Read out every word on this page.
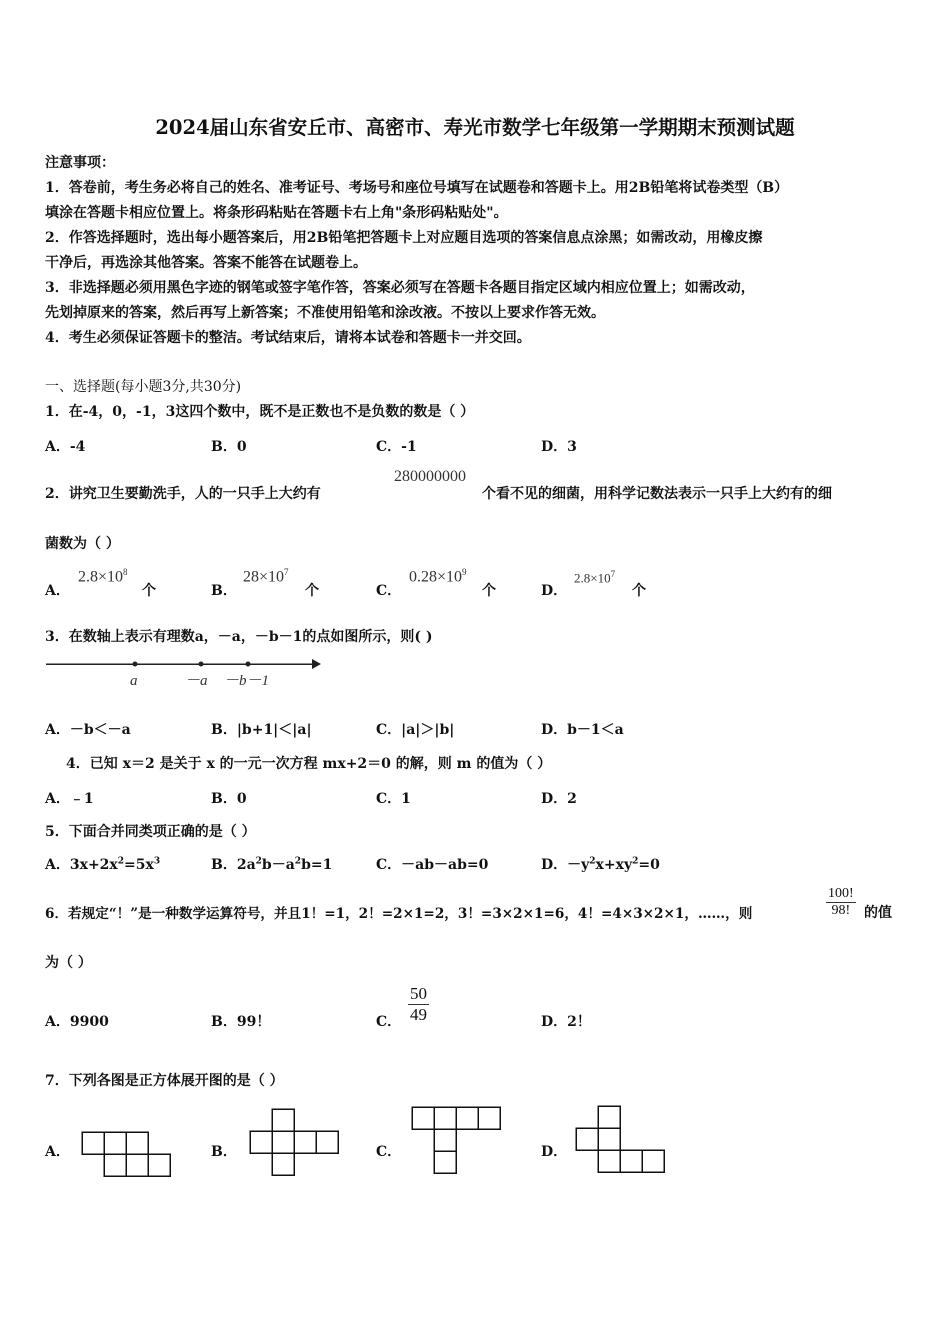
2024届山东省安丘市、高密市、寿光市数学七年级第一学期期末预测试题
注意事项：
1．答卷前，考生务必将自己的姓名、准考证号、考场号和座位号填写在试题卷和答题卡上。用2B铅笔将试卷类型（B）
填涂在答题卡相应位置上。将条形码粘贴在答题卡右上角"条形码粘贴处"。
2．作答选择题时，选出每小题答案后，用2B铅笔把答题卡上对应题目选项的答案信息点涂黑；如需改动，用橡皮擦
干净后，再选涂其他答案。答案不能答在试题卷上。
3．非选择题必须用黑色字迹的钢笔或签字笔作答，答案必须写在答题卡各题目指定区域内相应位置上；如需改动，
先划掉原来的答案，然后再写上新答案；不准使用铅笔和涂改液。不按以上要求作答无效。
4．考生必须保证答题卡的整洁。考试结束后，请将本试卷和答题卡一并交回。
一、选择题(每小题3分,共30分)
1．在-4，0，-1，3这四个数中，既不是正数也不是负数的数是（ ）
A．-4	B．0	C．-1	D．3
2．讲究卫生要勤洗手，人的一只手上大约有
280000000
个看不见的细菌，用科学记数法表示一只手上大约有的细
菌数为（ ）
A．
$2.8\times 10^8$
个	B．
$28\times 10^7$
个	C．
$0.28\times 10^9$
个	D．
$2.8\times 10^7$
个
3．在数轴上表示有理数a，－a，－b－1的点如图所示，则( )
a	－a －b－1
A．－b＜－a	B．|b+1|＜|a|	C．|a|＞|b|	D．b－1＜a
4．已知 x＝2 是关于 x 的一元一次方程 mx+2＝0 的解，则 m 的值为（ ）
A．﹣1	B．0	C．1	D．2
5．下面合并同类项正确的是（ ）
A．$3x+2x^2=5x^3$	B．$2a^2b-a^2b=1$	C．－ab－ab=0	D．$-y^2x+xy^2=0$
6．若规定“！”是一种数学运算符号，并且1！=1，2！=2×1=2，3！=3×2×1=6，4！=4×3×2×1，……，则	$\frac{100!}{98!}$ 的值
为（ ）
A．9900	B．99！	C． $\frac{50}{49}$	D．2！
7．下列各图是正方体展开图的是（ ）
A．	B．	C．	D．
